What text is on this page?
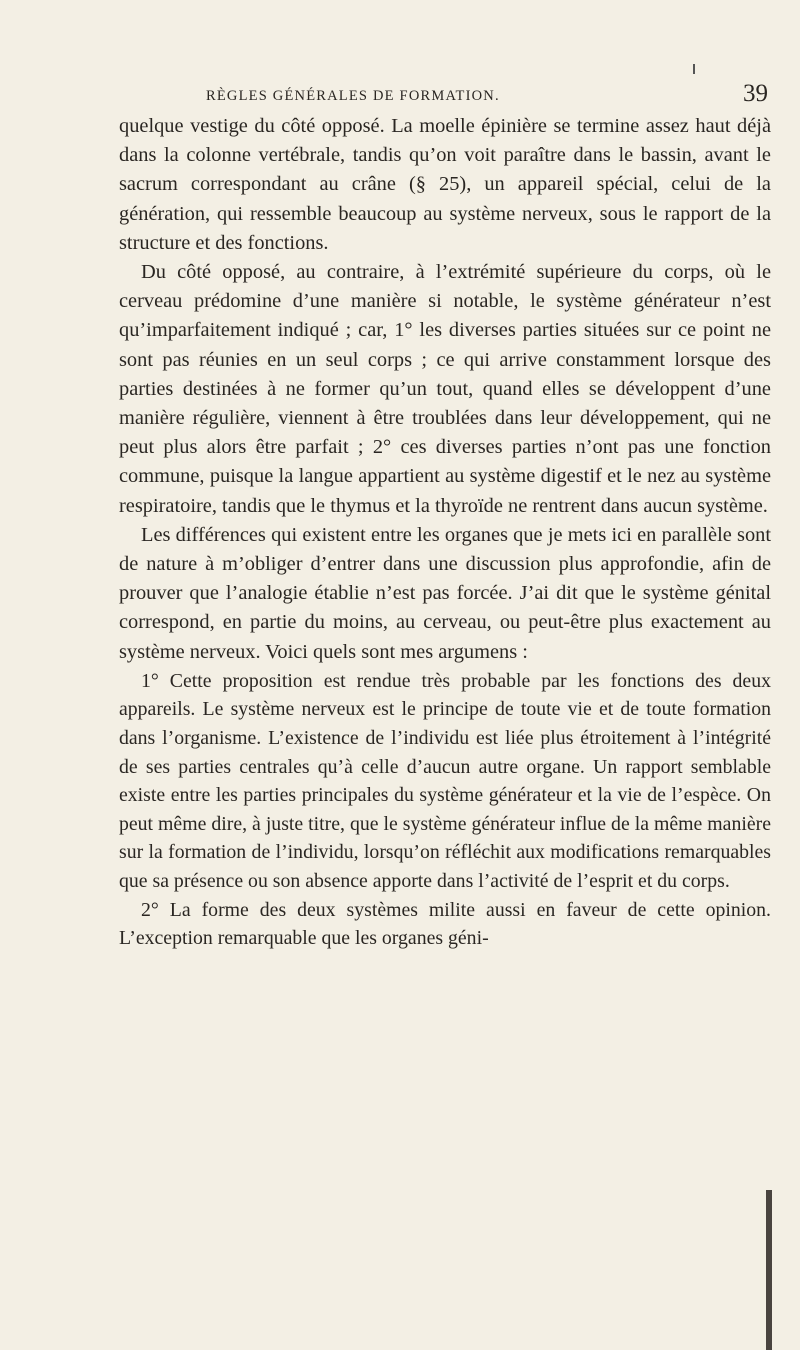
RÈGLES GÉNÉRALES DE FORMATION.	39

quelque vestige du côté opposé. La moelle épinière se termine assez haut déjà dans la colonne vertébrale, tandis qu’on voit paraître dans le bassin, avant le sacrum correspondant au crâne (§ 25), un appareil spécial, celui de la génération, qui ressemble beaucoup au système nerveux, sous le rapport de la structure et des fonctions.

Du côté opposé, au contraire, à l’extrémité supérieure du corps, où le cerveau prédomine d’une manière si notable, le système générateur n’est qu’imparfaitement indiqué ; car, 1° les diverses parties situées sur ce point ne sont pas réunies en un seul corps ; ce qui arrive constamment lorsque des parties destinées à ne former qu’un tout, quand elles se développent d’une manière régulière, viennent à être troublées dans leur développement, qui ne peut plus alors être parfait ; 2° ces diverses parties n’ont pas une fonction commune, puisque la langue appartient au système digestif et le nez au système respiratoire, tandis que le thymus et la thyroïde ne rentrent dans aucun système.

Les différences qui existent entre les organes que je mets ici en parallèle sont de nature à m’obliger d’entrer dans une discussion plus approfondie, afin de prouver que l’analogie établie n’est pas forcée. J’ai dit que le système génital correspond, en partie du moins, au cerveau, ou peut-être plus exactement au système nerveux. Voici quels sont mes argumens :

1° Cette proposition est rendue très probable par les fonctions des deux appareils. Le système nerveux est le principe de toute vie et de toute formation dans l’organisme. L’existence de l’individu est liée plus étroitement à l’intégrité de ses parties centrales qu’à celle d’aucun autre organe. Un rapport semblable existe entre les parties principales du système générateur et la vie de l’espèce. On peut même dire, à juste titre, que le système générateur influe de la même manière sur la formation de l’individu, lorsqu’on réfléchit aux modifications remarquables que sa présence ou son absence apporte dans l’activité de l’esprit et du corps.

2° La forme des deux systèmes milite aussi en faveur de cette opinion. L’exception remarquable que les organes géni-
